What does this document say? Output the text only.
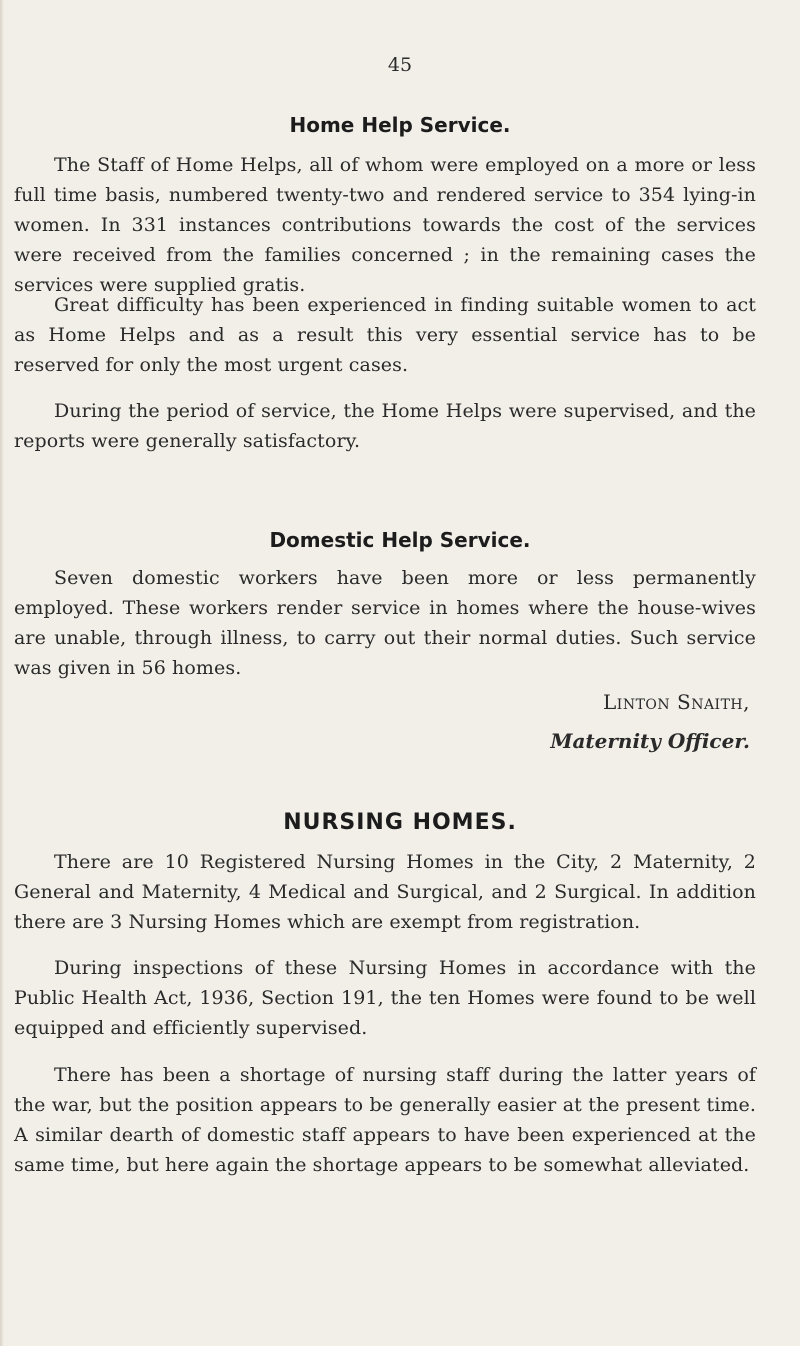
45
Home Help Service.
The Staff of Home Helps, all of whom were employed on a more or less full time basis, numbered twenty-two and rendered service to 354 lying-in women. In 331 instances contributions towards the cost of the services were received from the families concerned ; in the remaining cases the services were supplied gratis.
Great difficulty has been experienced in finding suitable women to act as Home Helps and as a result this very essential service has to be reserved for only the most urgent cases.
During the period of service, the Home Helps were supervised, and the reports were generally satisfactory.
Domestic Help Service.
Seven domestic workers have been more or less permanently employed. These workers render service in homes where the house-wives are unable, through illness, to carry out their normal duties. Such service was given in 56 homes.
Linton Snaith,
Maternity Officer.
NURSING HOMES.
There are 10 Registered Nursing Homes in the City, 2 Maternity, 2 General and Maternity, 4 Medical and Surgical, and 2 Surgical. In addition there are 3 Nursing Homes which are exempt from registration.
During inspections of these Nursing Homes in accordance with the Public Health Act, 1936, Section 191, the ten Homes were found to be well equipped and efficiently supervised.
There has been a shortage of nursing staff during the latter years of the war, but the position appears to be generally easier at the present time. A similar dearth of domestic staff appears to have been experienced at the same time, but here again the shortage appears to be somewhat alleviated.
